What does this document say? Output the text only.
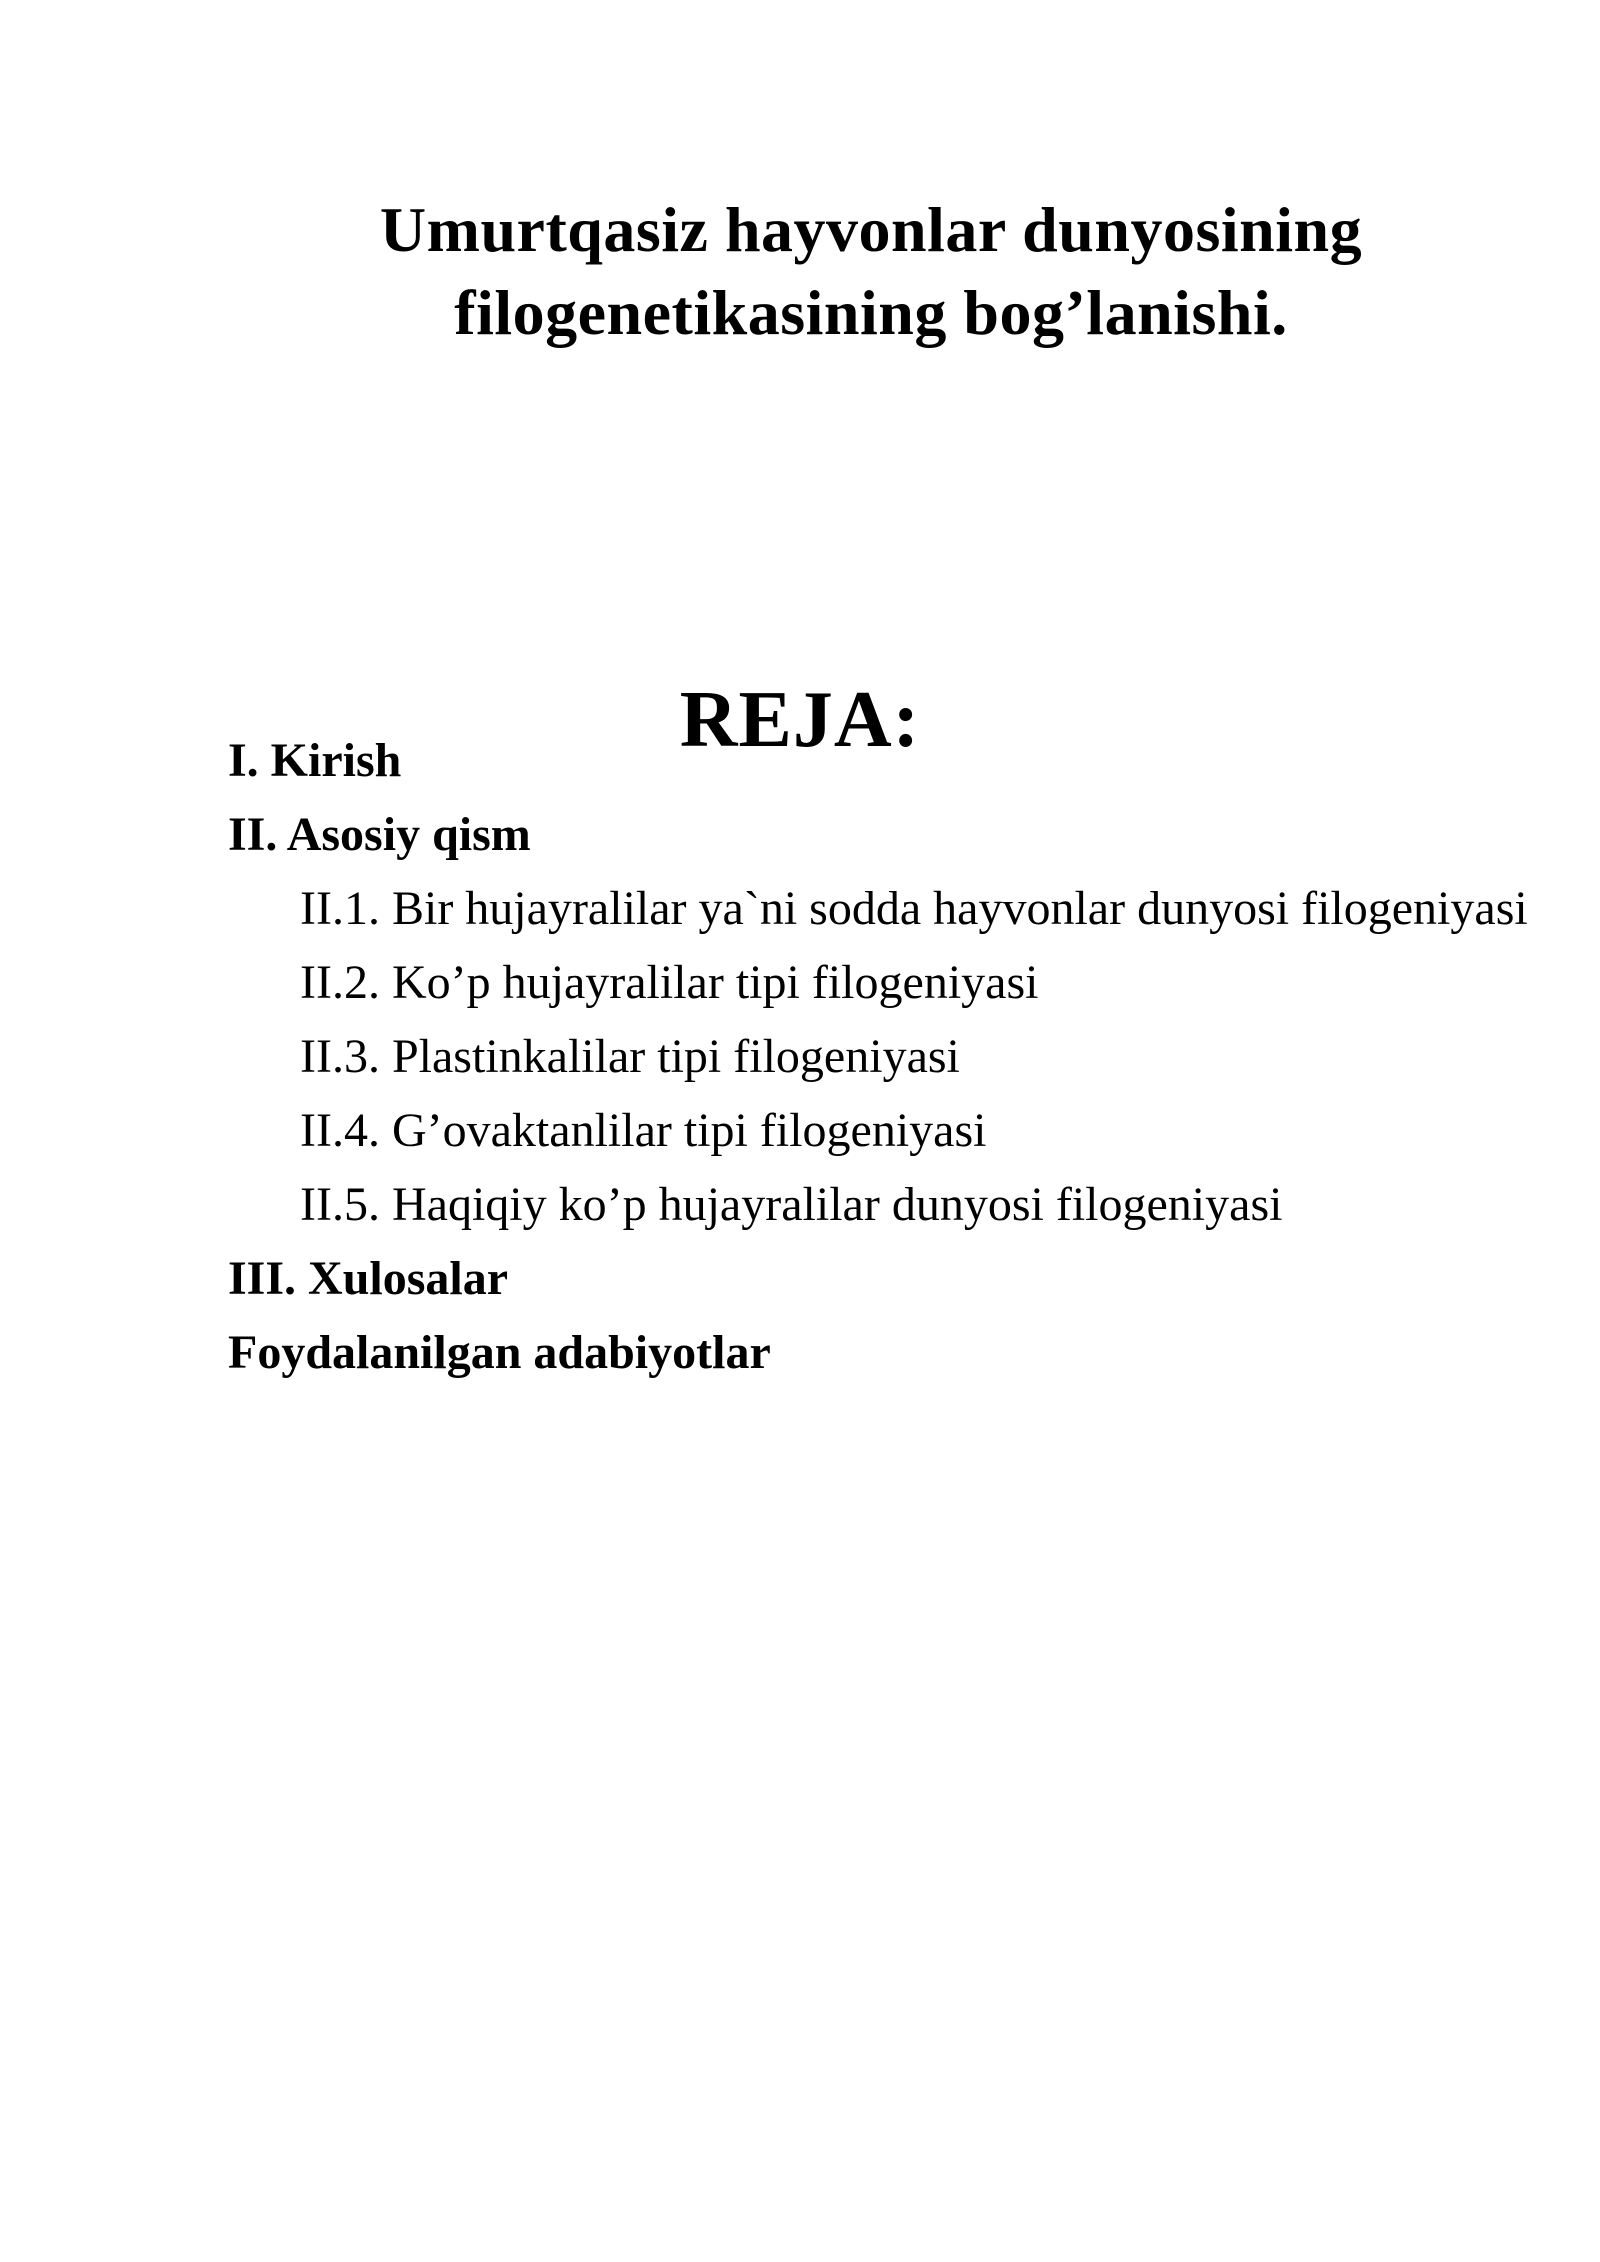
Umurtqasiz hayvonlar dunyosining
filogenetikasining bog’lanishi.
REJA:
I. Kirish
II. Asosiy qism
II.1. Bir hujayralilar ya`ni sodda hayvonlar dunyosi filogeniyasi
II.2. Ko’p hujayralilar tipi filogeniyasi
II.3. Plastinkalilar tipi filogeniyasi
II.4. G’ovaktanlilar tipi filogeniyasi
II.5. Haqiqiy ko’p hujayralilar dunyosi filogeniyasi
III. Xulosalar
Foydalanilgan adabiyotlar
